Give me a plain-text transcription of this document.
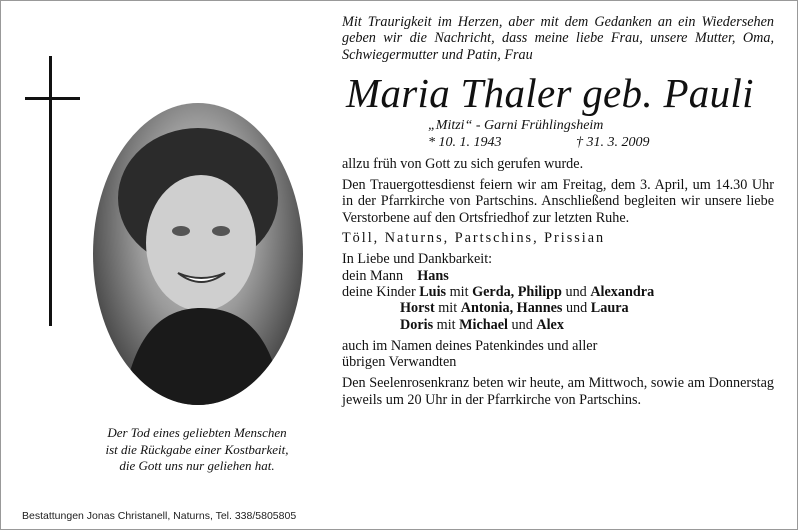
Der Tod eines geliebten Menschen
ist die Rückgabe einer Kostbarkeit,
die Gott uns nur geliehen hat.
Bestattungen Jonas Christanell, Naturns, Tel. 338/5805805
Mit Traurigkeit im Herzen, aber mit dem Gedanken an ein Wiedersehen geben wir die Nachricht, dass meine liebe Frau, unsere Mutter, Oma, Schwiegermutter und Patin, Frau
Maria Thaler geb. Pauli
„Mitzi“ - Garni Frühlingsheim
* 10. 1. 1943	† 31. 3. 2009
allzu früh von Gott zu sich gerufen wurde.
Den Trauergottesdienst feiern wir am Freitag, dem 3. April, um 14.30 Uhr in der Pfarrkirche von Partschins. Anschließend begleiten wir unsere liebe Verstorbene auf den Ortsfriedhof zur letzten Ruhe.
Töll, Naturns, Partschins, Prissian
In Liebe und Dankbarkeit:
dein Mann Hans
deine Kinder Luis mit Gerda, Philipp und Alexandra
Horst mit Antonia, Hannes und Laura
Doris mit Michael und Alex
auch im Namen deines Patenkindes und aller übrigen Verwandten
Den Seelenrosenkranz beten wir heute, am Mittwoch, sowie am Donnerstag jeweils um 20 Uhr in der Pfarrkirche von Partschins.
